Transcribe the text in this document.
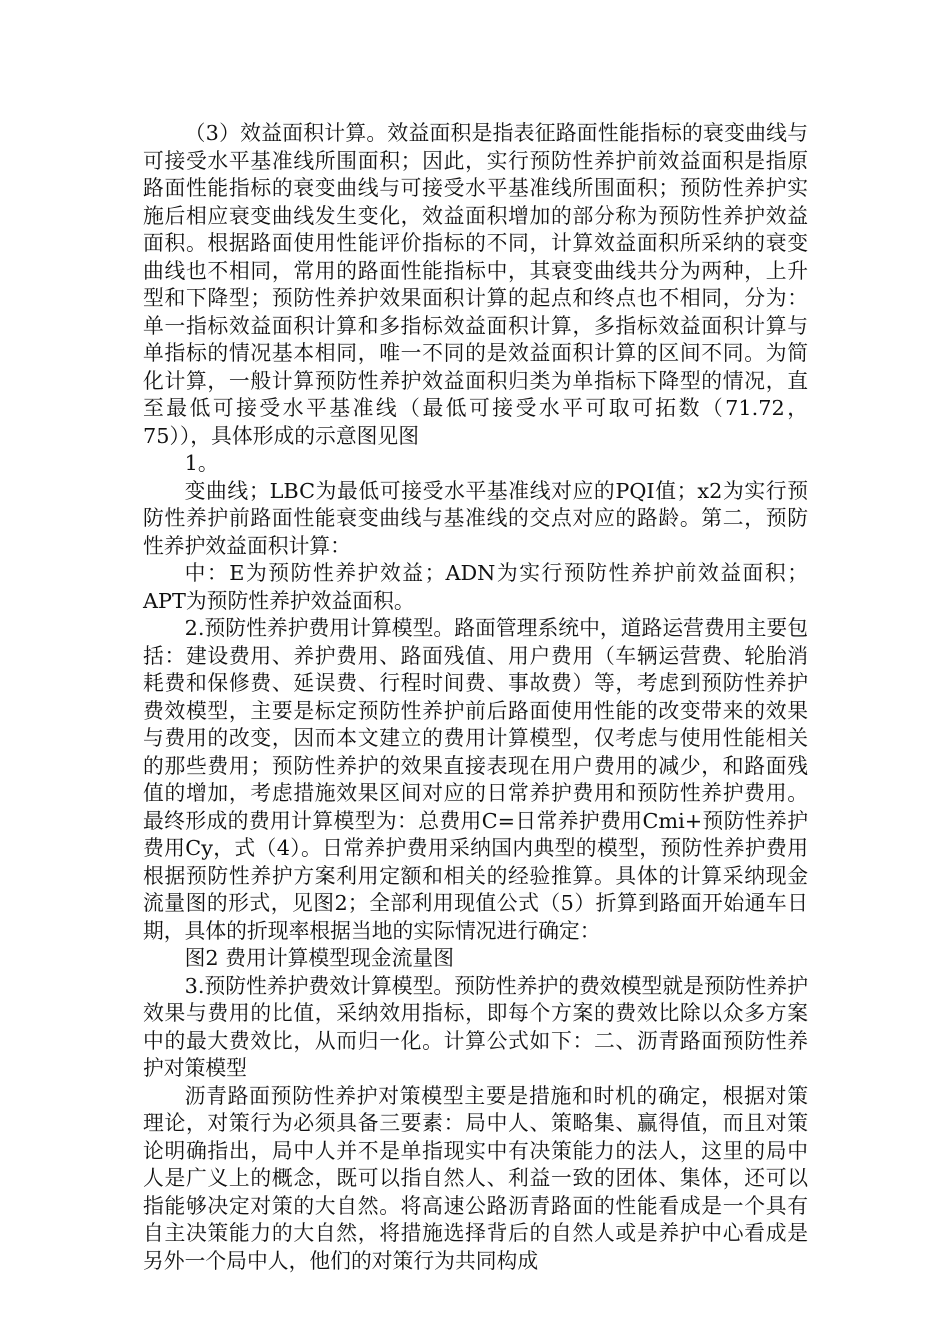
（3）效益面积计算。效益面积是指表征路面性能指标的衰变曲线与可接受水平基准线所围面积；因此，实行预防性养护前效益面积是指原路面性能指标的衰变曲线与可接受水平基准线所围面积；预防性养护实施后相应衰变曲线发生变化，效益面积增加的部分称为预防性养护效益面积。根据路面使用性能评价指标的不同，计算效益面积所采纳的衰变曲线也不相同，常用的路面性能指标中，其衰变曲线共分为两种，上升型和下降型；预防性养护效果面积计算的起点和终点也不相同，分为：单一指标效益面积计算和多指标效益面积计算，多指标效益面积计算与单指标的情况基本相同，唯一不同的是效益面积计算的区间不同。为简化计算，一般计算预防性养护效益面积归类为单指标下降型的情况，直至最低可接受水平基准线（最低可接受水平可取可拓数（71.72，75）），具体形成的示意图见图

1。

变曲线；LBC为最低可接受水平基准线对应的PQI值；x2为实行预防性养护前路面性能衰变曲线与基准线的交点对应的路龄。第二，预防性养护效益面积计算：

中：E为预防性养护效益；ADN为实行预防性养护前效益面积；APT为预防性养护效益面积。

2.预防性养护费用计算模型。路面管理系统中，道路运营费用主要包括：建设费用、养护费用、路面残值、用户费用（车辆运营费、轮胎消耗费和保修费、延误费、行程时间费、事故费）等，考虑到预防性养护费效模型，主要是标定预防性养护前后路面使用性能的改变带来的效果与费用的改变，因而本文建立的费用计算模型，仅考虑与使用性能相关的那些费用；预防性养护的效果直接表现在用户费用的减少，和路面残值的增加，考虑措施效果区间对应的日常养护费用和预防性养护费用。最终形成的费用计算模型为：总费用C=日常养护费用Cmi+预防性养护费用Cy，式（4）。日常养护费用采纳国内典型的模型，预防性养护费用根据预防性养护方案利用定额和相关的经验推算。具体的计算采纳现金流量图的形式，见图2；全部利用现值公式（5）折算到路面开始通车日期，具体的折现率根据当地的实际情况进行确定：

图2 费用计算模型现金流量图

3.预防性养护费效计算模型。预防性养护的费效模型就是预防性养护效果与费用的比值，采纳效用指标，即每个方案的费效比除以众多方案中的最大费效比，从而归一化。计算公式如下：二、沥青路面预防性养护对策模型

沥青路面预防性养护对策模型主要是措施和时机的确定，根据对策理论，对策行为必须具备三要素：局中人、策略集、赢得值，而且对策论明确指出，局中人并不是单指现实中有决策能力的法人，这里的局中人是广义上的概念，既可以指自然人、利益一致的团体、集体，还可以指能够决定对策的大自然。将高速公路沥青路面的性能看成是一个具有自主决策能力的大自然，将措施选择背后的自然人或是养护中心看成是另外一个局中人，他们的对策行为共同构成
